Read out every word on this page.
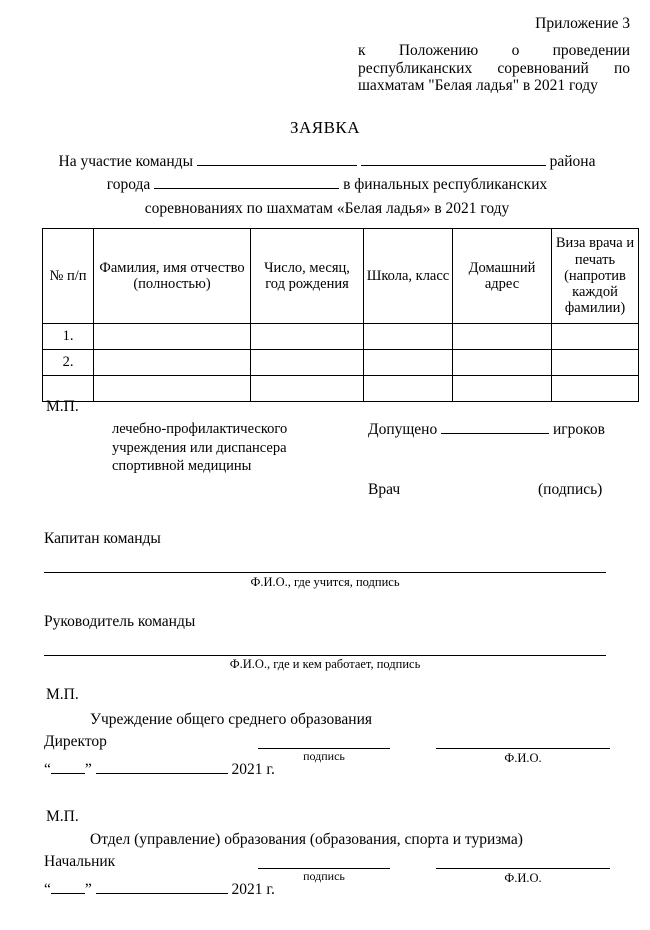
Приложение 3
к Положению о проведении республиканских соревнований по шахматам "Белая ладья" в 2021 году
ЗАЯВКА
На участие команды	района
города	в финальных республиканских
соревнованиях по шахматам «Белая ладья» в 2021 году
№ п/п	Фамилия, имя отчество (полностью)	Число, месяц, год рождения	Школа, класс	Домашний адрес	Виза врача и печать (напротив каждой фамилии)
1.					
2.					

М.П.
лечебно-профилактического учреждения или диспансера спортивной медицины
Допущено	игроков
Врач	(подпись)
Капитан команды
Ф.И.О., где учится, подпись
Руководитель команды
Ф.И.О., где и кем работает, подпись
М.П.
Учреждение общего среднего образования
Директор
подпись	Ф.И.О.
“ ”	2021 г.
М.П.
Отдел (управление) образования (образования, спорта и туризма)
Начальник
подпись	Ф.И.О.
“ ”	2021 г.
